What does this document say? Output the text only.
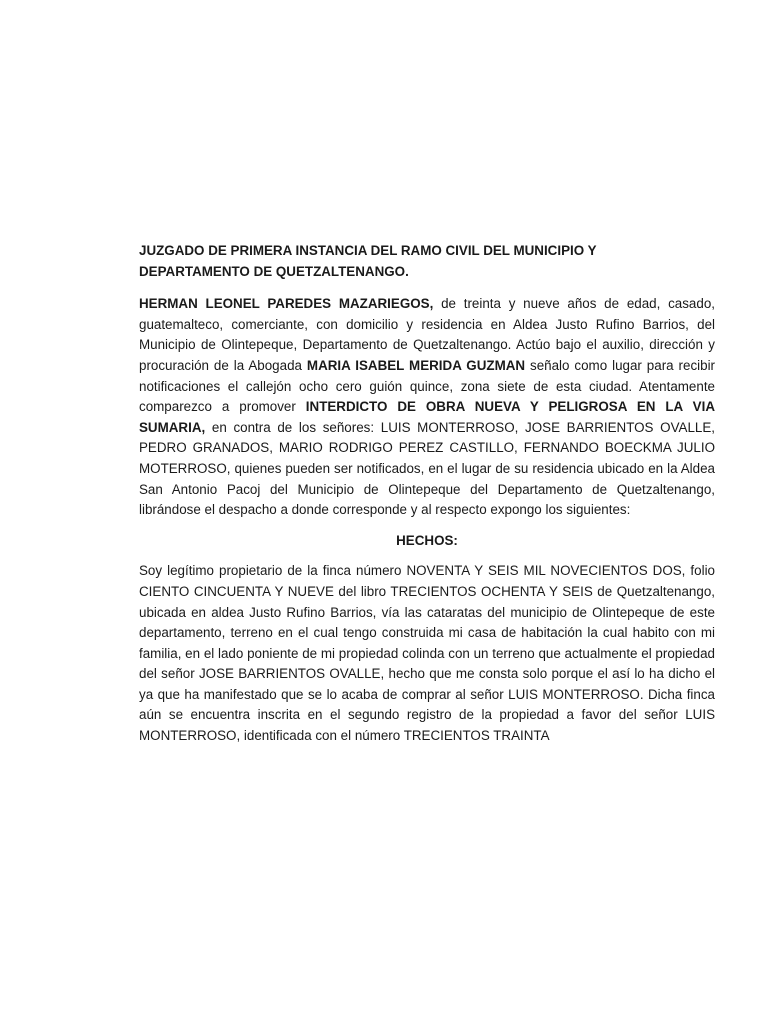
JUZGADO DE PRIMERA INSTANCIA DEL RAMO CIVIL DEL MUNICIPIO Y
DEPARTAMENTO DE QUETZALTENANGO.

HERMAN LEONEL PAREDES MAZARIEGOS, de treinta y nueve años de edad, casado, guatemalteco, comerciante, con domicilio y residencia en Aldea Justo Rufino Barrios, del Municipio de Olintepeque, Departamento de Quetzaltenango. Actúo bajo el auxilio, dirección y procuración de la Abogada MARIA ISABEL MERIDA GUZMAN señalo como lugar para recibir notificaciones el callejón ocho cero guión quince, zona siete de esta ciudad. Atentamente comparezco a promover INTERDICTO DE OBRA NUEVA Y PELIGROSA EN LA VIA SUMARIA, en contra de los señores: LUIS MONTERROSO, JOSE BARRIENTOS OVALLE, PEDRO GRANADOS, MARIO RODRIGO PEREZ CASTILLO, FERNANDO BOECKMA JULIO MOTERROSO, quienes pueden ser notificados, en el lugar de su residencia ubicado en la Aldea San Antonio Pacoj del Municipio de Olintepeque del Departamento de Quetzaltenango, librándose el despacho a donde corresponde y al respecto expongo los siguientes:

HECHOS:

Soy legítimo propietario de la finca número NOVENTA Y SEIS MIL NOVECIENTOS DOS, folio CIENTO CINCUENTA Y NUEVE del libro TRECIENTOS OCHENTA Y SEIS de Quetzaltenango, ubicada en aldea Justo Rufino Barrios, vía las cataratas del municipio de Olintepeque de este departamento, terreno en el cual tengo construida mi casa de habitación la cual habito con mi familia, en el lado poniente de mi propiedad colinda con un terreno que actualmente el propiedad del señor JOSE BARRIENTOS OVALLE, hecho que me consta solo porque el así lo ha dicho el ya que ha manifestado que se lo acaba de comprar al señor LUIS MONTERROSO. Dicha finca aún se encuentra inscrita en el segundo registro de la propiedad a favor del señor LUIS MONTERROSO, identificada con el número TRECIENTOS TRAINTA
